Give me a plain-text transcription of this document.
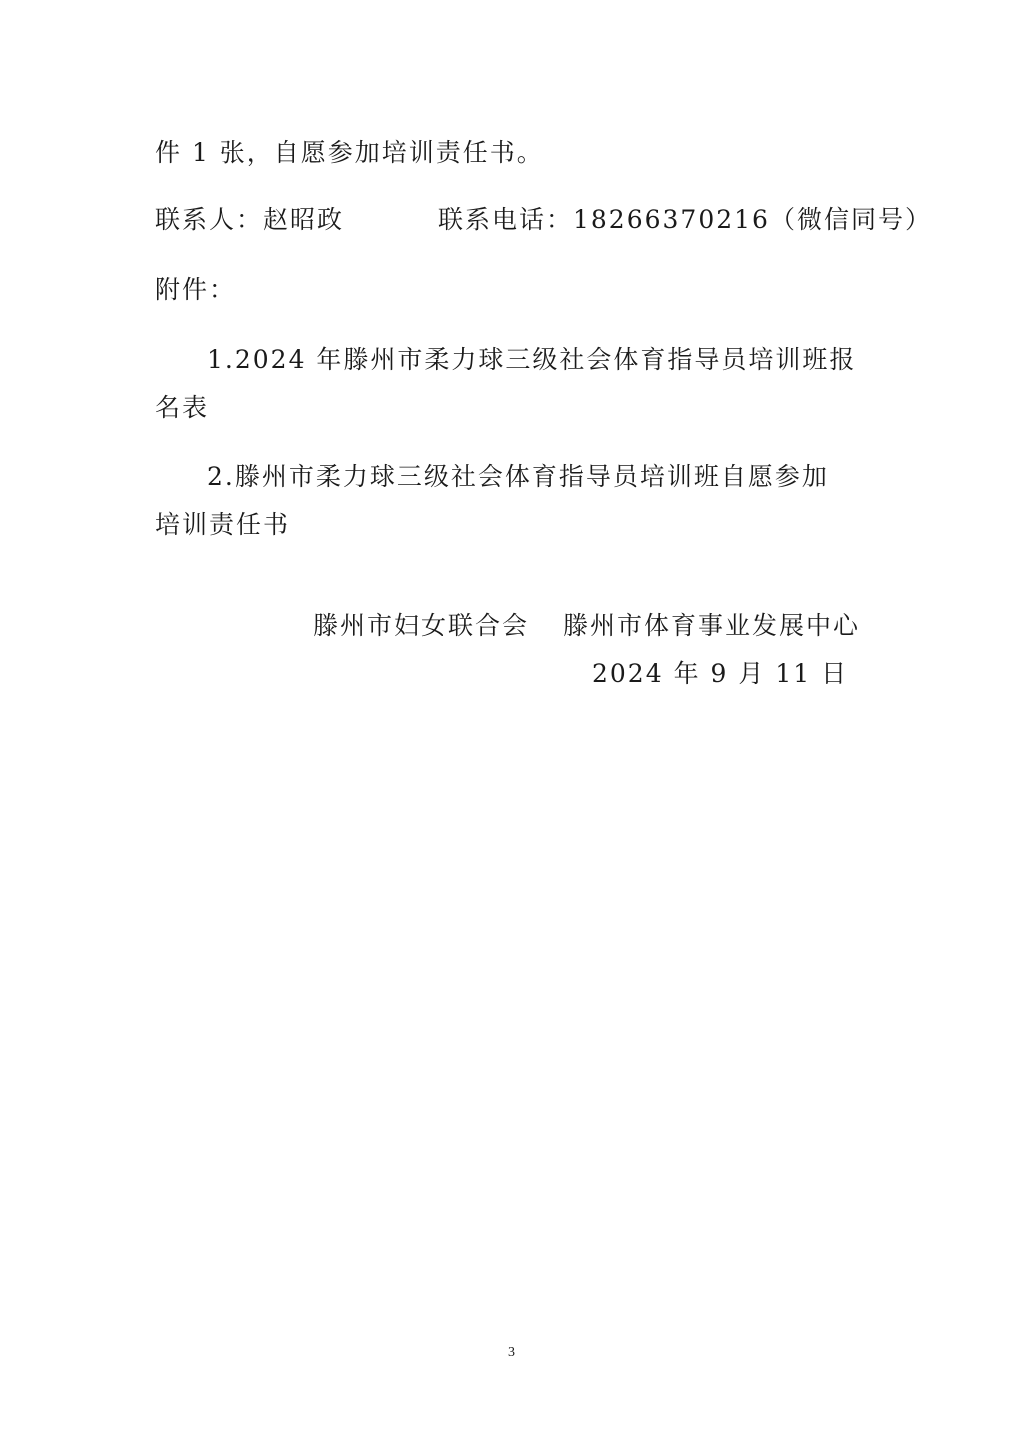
件 1 张，自愿参加培训责任书。
联系人：赵昭政	联系电话：18266370216（微信同号）
附件：
1.2024 年滕州市柔力球三级社会体育指导员培训班报
名表
2.滕州市柔力球三级社会体育指导员培训班自愿参加
培训责任书
滕州市妇女联合会 滕州市体育事业发展中心
2024 年 9 月 11 日
3
